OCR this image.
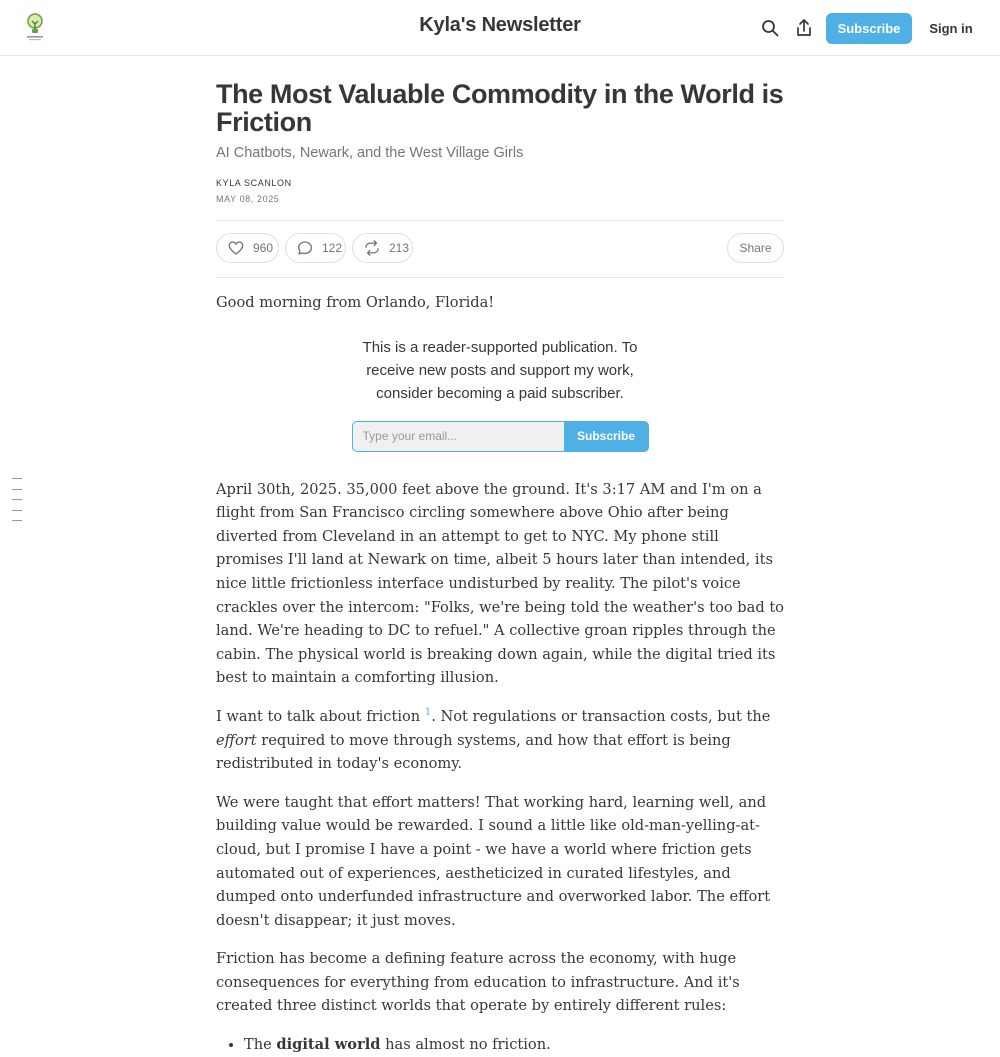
Kyla's Newsletter	Subscribe	Sign in
The Most Valuable Commodity in the World is Friction
AI Chatbots, Newark, and the West Village Girls
KYLA SCANLON
MAY 08, 2025
960	122	213	Share

Good morning from Orlando, Florida!

This is a reader-supported publication. To receive new posts and support my work, consider becoming a paid subscriber.
Type your email...
Subscribe

April 30th, 2025. 35,000 feet above the ground. It's 3:17 AM and I'm on a flight from San Francisco circling somewhere above Ohio after being diverted from Cleveland in an attempt to get to NYC. My phone still promises I'll land at Newark on time, albeit 5 hours later than intended, its nice little frictionless interface undisturbed by reality. The pilot's voice crackles over the intercom: "Folks, we're being told the weather's too bad to land. We're heading to DC to refuel." A collective groan ripples through the cabin. The physical world is breaking down again, while the digital tried its best to maintain a comforting illusion.

I want to talk about friction $^1$. Not regulations or transaction costs, but the effort required to move through systems, and how that effort is being redistributed in today's economy.

We were taught that effort matters! That working hard, learning well, and building value would be rewarded. I sound a little like old-man-yelling-at-cloud, but I promise I have a point - we have a world where friction gets automated out of experiences, aestheticized in curated lifestyles, and dumped onto underfunded infrastructure and overworked labor. The effort doesn't disappear; it just moves.

Friction has become a defining feature across the economy, with huge consequences for everything from education to infrastructure. And it's created three distinct worlds that operate by entirely different rules:

• The digital world has almost no friction.
